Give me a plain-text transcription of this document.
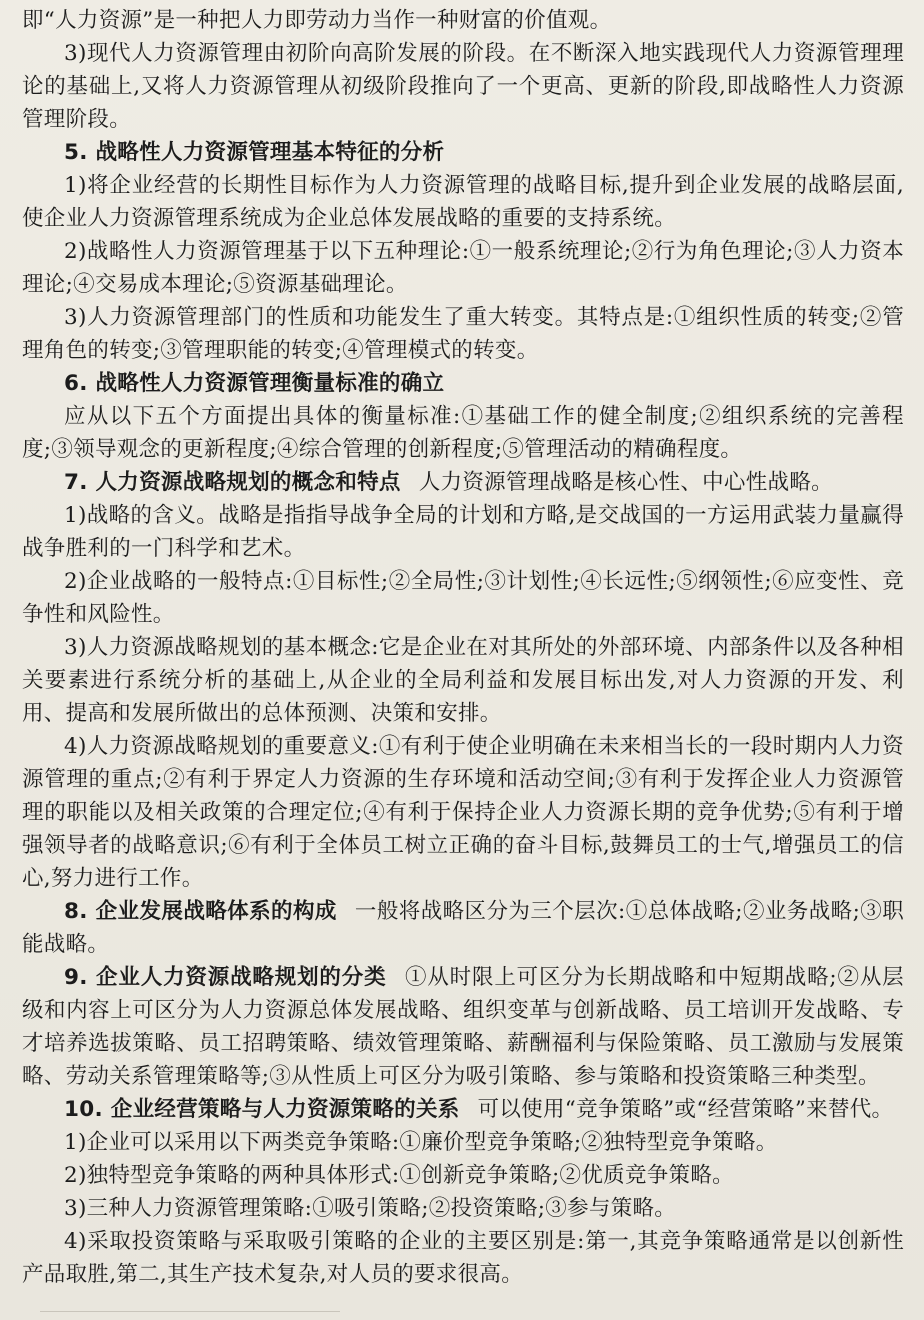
即“人力资源”是一种把人力即劳动力当作一种财富的价值观。

3)现代人力资源管理由初阶向高阶发展的阶段。在不断深入地实践现代人力资源管理理论的基础上,又将人力资源管理从初级阶段推向了一个更高、更新的阶段,即战略性人力资源管理阶段。

5. 战略性人力资源管理基本特征的分析

1)将企业经营的长期性目标作为人力资源管理的战略目标,提升到企业发展的战略层面,使企业人力资源管理系统成为企业总体发展战略的重要的支持系统。

2)战略性人力资源管理基于以下五种理论:①一般系统理论;②行为角色理论;③人力资本理论;④交易成本理论;⑤资源基础理论。

3)人力资源管理部门的性质和功能发生了重大转变。其特点是:①组织性质的转变;②管理角色的转变;③管理职能的转变;④管理模式的转变。

6. 战略性人力资源管理衡量标准的确立

应从以下五个方面提出具体的衡量标准:①基础工作的健全制度;②组织系统的完善程度;③领导观念的更新程度;④综合管理的创新程度;⑤管理活动的精确程度。

7. 人力资源战略规划的概念和特点 人力资源管理战略是核心性、中心性战略。

1)战略的含义。战略是指指导战争全局的计划和方略,是交战国的一方运用武装力量赢得战争胜利的一门科学和艺术。

2)企业战略的一般特点:①目标性;②全局性;③计划性;④长远性;⑤纲领性;⑥应变性、竞争性和风险性。

3)人力资源战略规划的基本概念:它是企业在对其所处的外部环境、内部条件以及各种相关要素进行系统分析的基础上,从企业的全局利益和发展目标出发,对人力资源的开发、利用、提高和发展所做出的总体预测、决策和安排。

4)人力资源战略规划的重要意义:①有利于使企业明确在未来相当长的一段时期内人力资源管理的重点;②有利于界定人力资源的生存环境和活动空间;③有利于发挥企业人力资源管理的职能以及相关政策的合理定位;④有利于保持企业人力资源长期的竞争优势;⑤有利于增强领导者的战略意识;⑥有利于全体员工树立正确的奋斗目标,鼓舞员工的士气,增强员工的信心,努力进行工作。

8. 企业发展战略体系的构成 一般将战略区分为三个层次:①总体战略;②业务战略;③职能战略。

9. 企业人力资源战略规划的分类 ①从时限上可区分为长期战略和中短期战略;②从层级和内容上可区分为人力资源总体发展战略、组织变革与创新战略、员工培训开发战略、专才培养选拔策略、员工招聘策略、绩效管理策略、薪酬福利与保险策略、员工激励与发展策略、劳动关系管理策略等;③从性质上可区分为吸引策略、参与策略和投资策略三种类型。

10. 企业经营策略与人力资源策略的关系 可以使用“竞争策略”或“经营策略”来替代。

1)企业可以采用以下两类竞争策略:①廉价型竞争策略;②独特型竞争策略。

2)独特型竞争策略的两种具体形式:①创新竞争策略;②优质竞争策略。

3)三种人力资源管理策略:①吸引策略;②投资策略;③参与策略。

4)采取投资策略与采取吸引策略的企业的主要区别是:第一,其竞争策略通常是以创新性产品取胜,第二,其生产技术复杂,对人员的要求很高。
